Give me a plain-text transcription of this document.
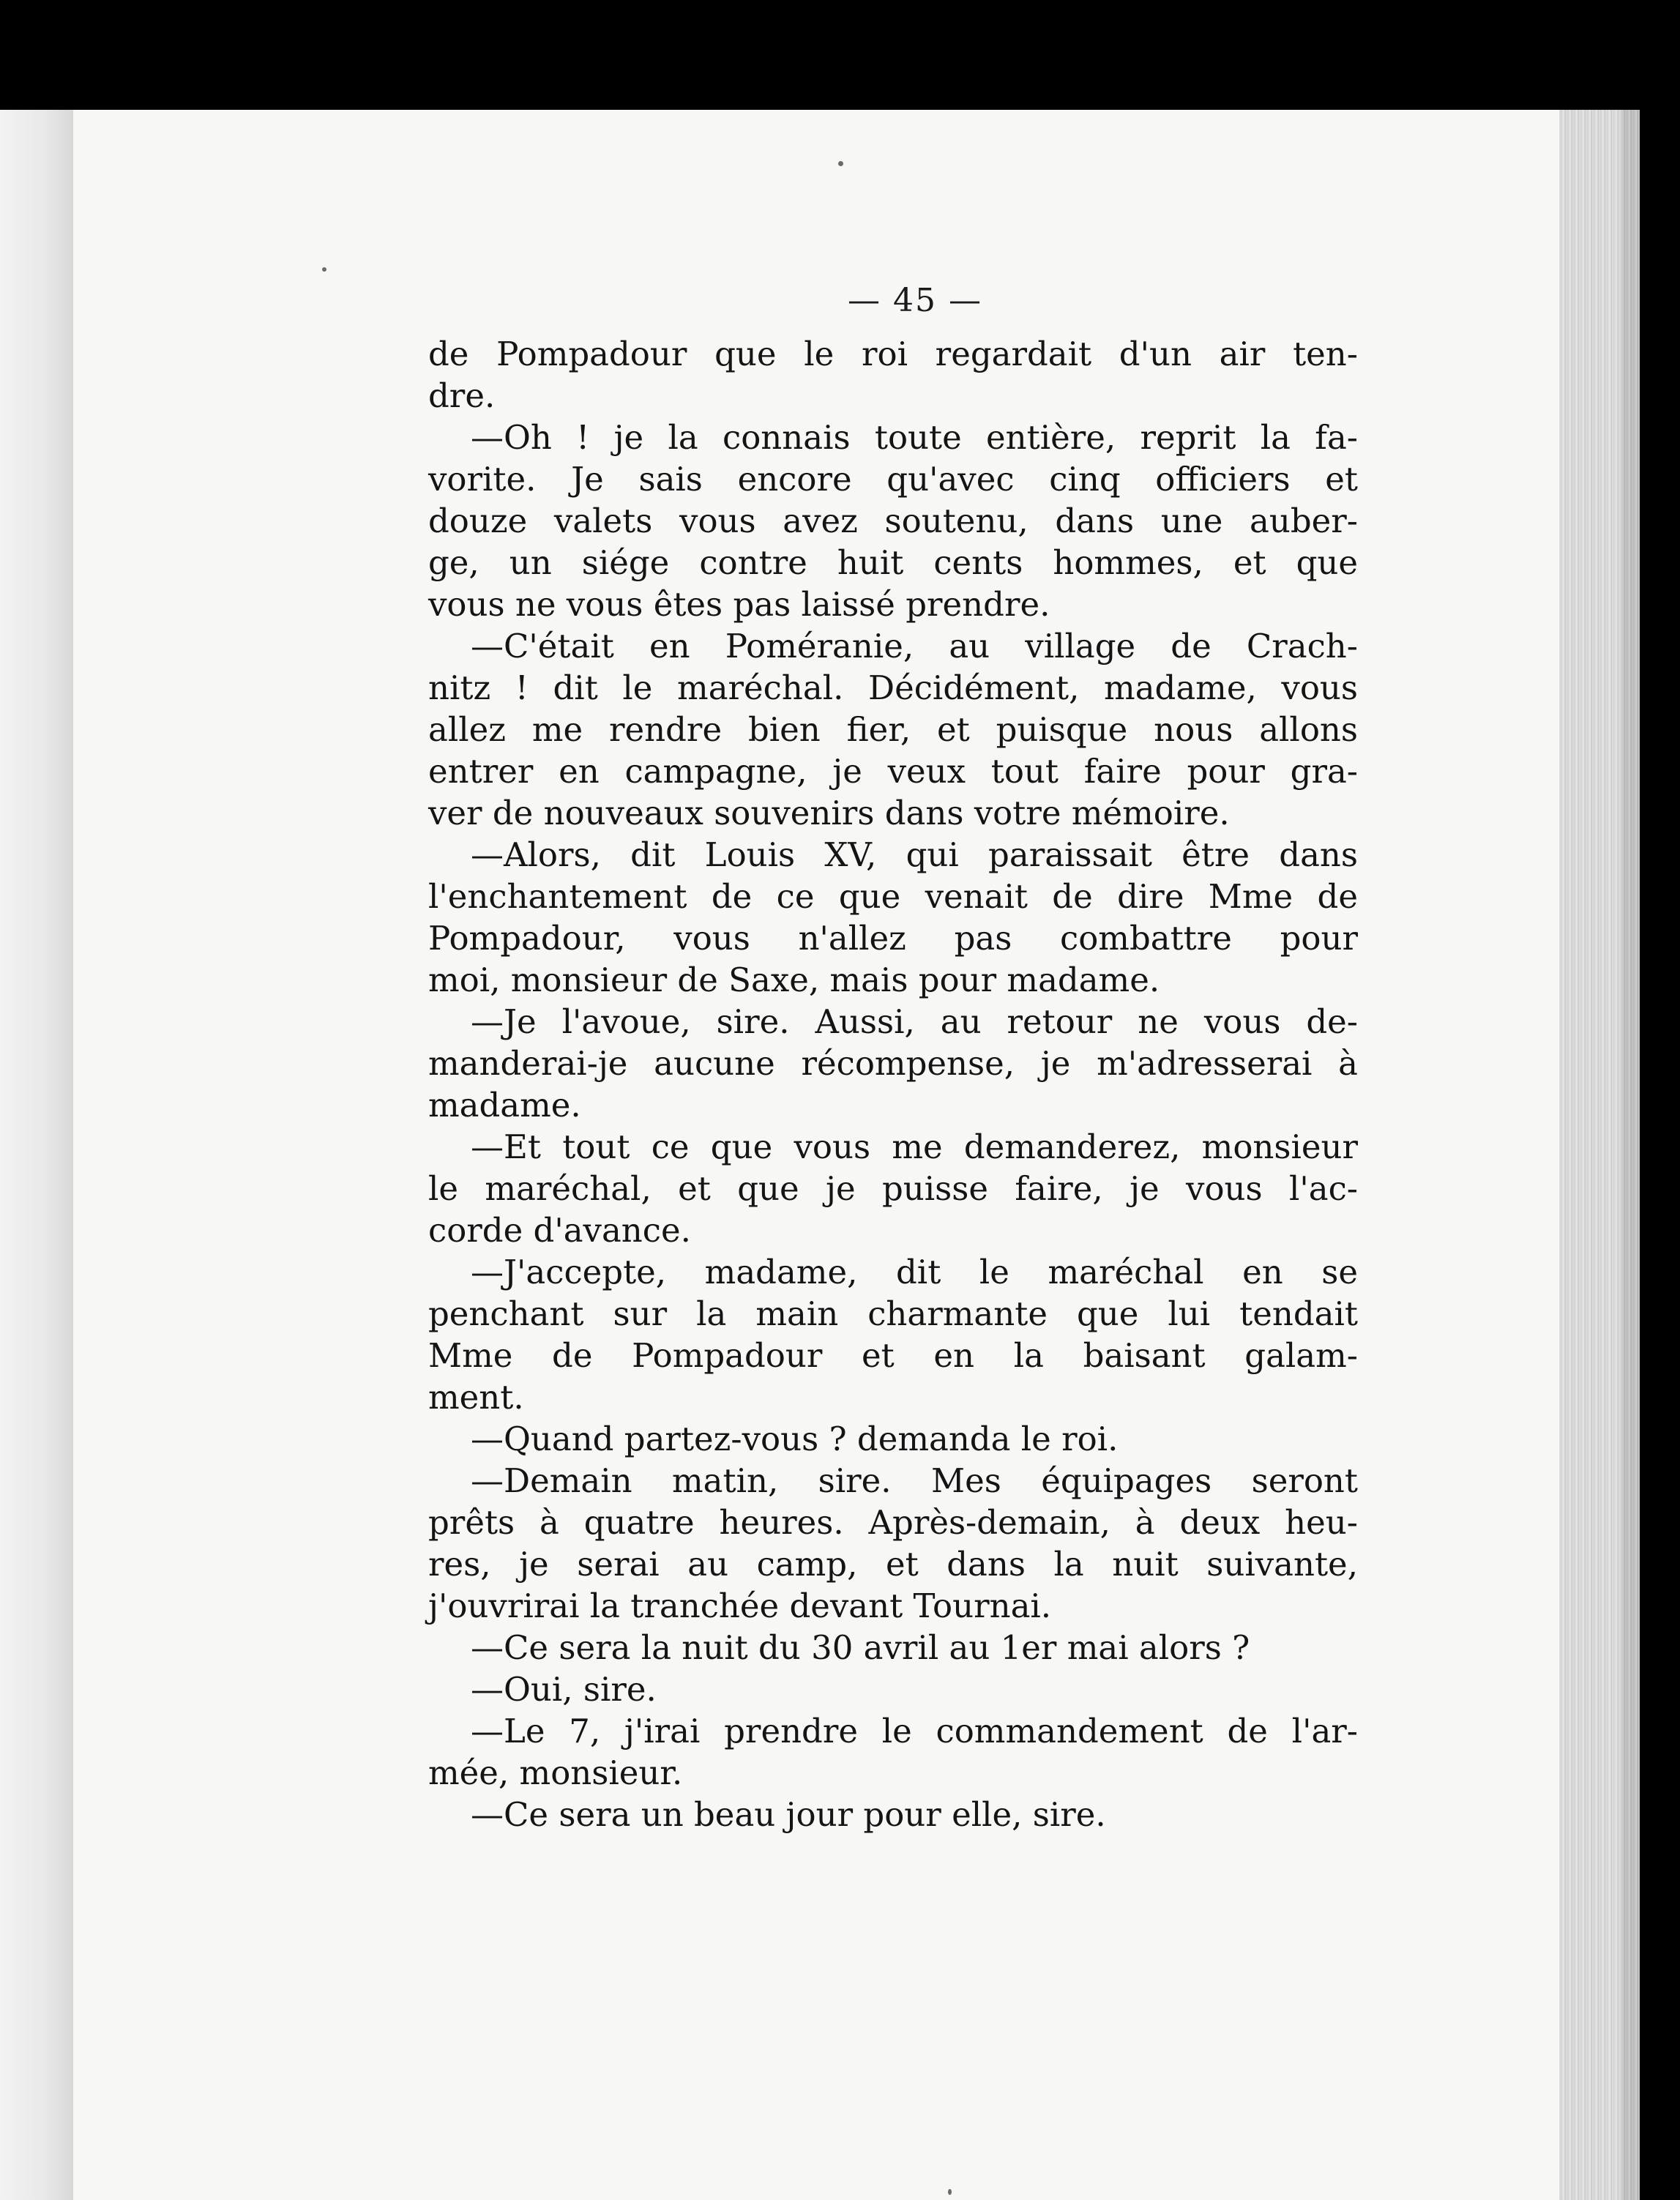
— 45 —
de Pompadour que le roi regardait d'un air ten-
dre.
—Oh ! je la connais toute entière, reprit la fa-
vorite. Je sais encore qu'avec cinq officiers et
douze valets vous avez soutenu, dans une auber-
ge, un siége contre huit cents hommes, et que
vous ne vous êtes pas laissé prendre.
—C'était en Poméranie, au village de Crach-
nitz ! dit le maréchal. Décidément, madame, vous
allez me rendre bien fier, et puisque nous allons
entrer en campagne, je veux tout faire pour gra-
ver de nouveaux souvenirs dans votre mémoire.
—Alors, dit Louis XV, qui paraissait être dans
l'enchantement de ce que venait de dire Mme de
Pompadour, vous n'allez pas combattre pour
moi, monsieur de Saxe, mais pour madame.
—Je l'avoue, sire. Aussi, au retour ne vous de-
manderai-je aucune récompense, je m'adresserai à
madame.
—Et tout ce que vous me demanderez, monsieur
le maréchal, et que je puisse faire, je vous l'ac-
corde d'avance.
—J'accepte, madame, dit le maréchal en se
penchant sur la main charmante que lui tendait
Mme de Pompadour et en la baisant galam-
ment.
—Quand partez-vous ? demanda le roi.
—Demain matin, sire. Mes équipages seront
prêts à quatre heures. Après-demain, à deux heu-
res, je serai au camp, et dans la nuit suivante,
j'ouvrirai la tranchée devant Tournai.
—Ce sera la nuit du 30 avril au 1er mai alors ?
—Oui, sire.
—Le 7, j'irai prendre le commandement de l'ar-
mée, monsieur.
—Ce sera un beau jour pour elle, sire.
